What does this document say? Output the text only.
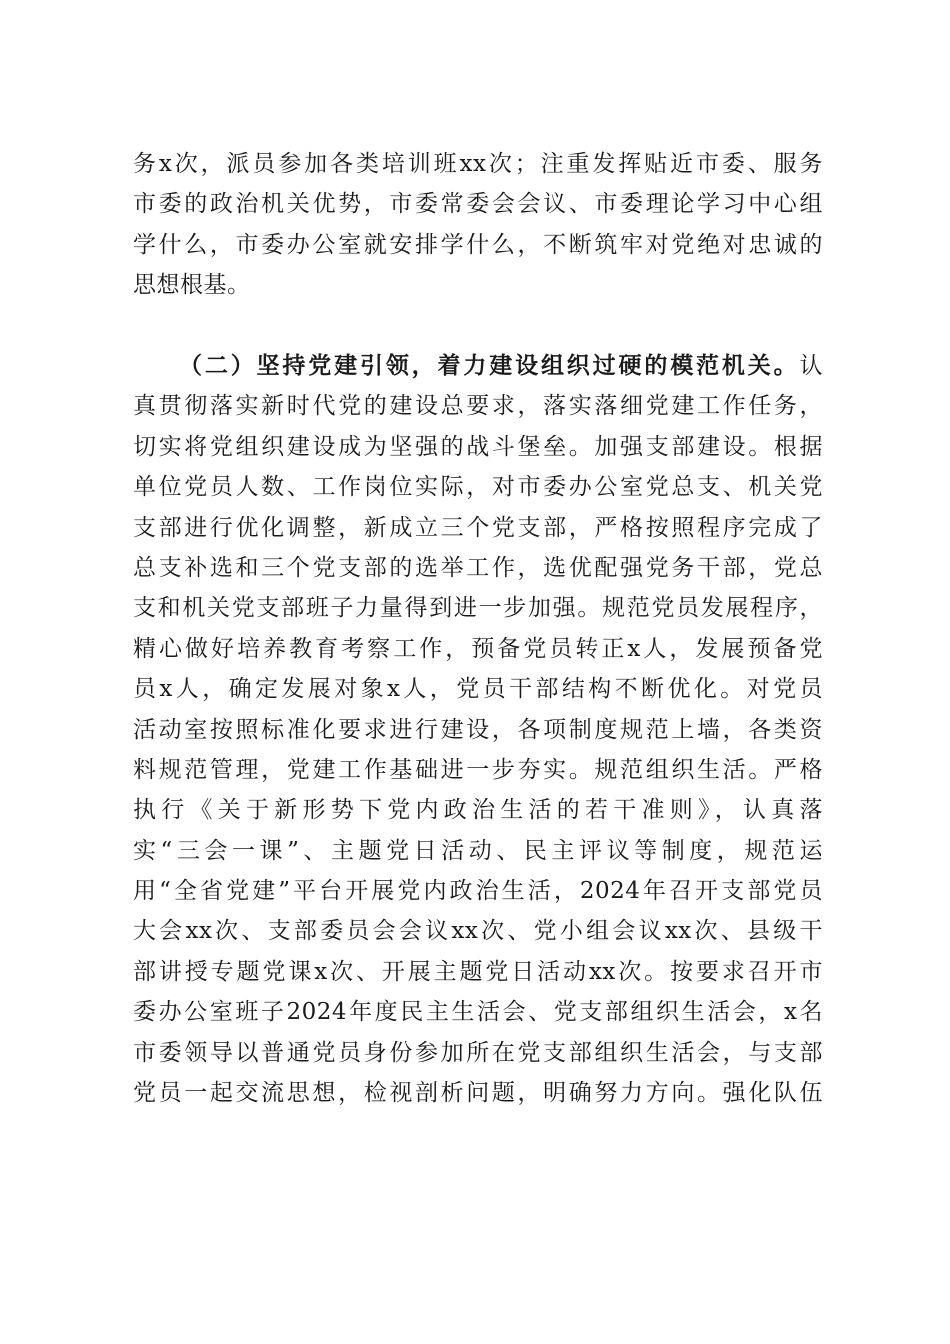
务x次，派员参加各类培训班xx次；注重发挥贴近市委、服务
市委的政治机关优势，市委常委会会议、市委理论学习中心组
学什么，市委办公室就安排学什么，不断筑牢对党绝对忠诚的
思想根基。
（二）坚持党建引领，着力建设组织过硬的模范机关。认
真贯彻落实新时代党的建设总要求，落实落细党建工作任务，
切实将党组织建设成为坚强的战斗堡垒。加强支部建设。根据
单位党员人数、工作岗位实际，对市委办公室党总支、机关党
支部进行优化调整，新成立三个党支部，严格按照程序完成了
总支补选和三个党支部的选举工作，选优配强党务干部，党总
支和机关党支部班子力量得到进一步加强。规范党员发展程序，
精心做好培养教育考察工作，预备党员转正x人，发展预备党
员x人，确定发展对象x人，党员干部结构不断优化。对党员
活动室按照标准化要求进行建设，各项制度规范上墙，各类资
料规范管理，党建工作基础进一步夯实。规范组织生活。严格
执行《关于新形势下党内政治生活的若干准则》，认真落
实“三会一课”、主题党日活动、民主评议等制度，规范运
用“全省党建”平台开展党内政治生活，2024年召开支部党员
大会xx次、支部委员会会议xx次、党小组会议xx次、县级干
部讲授专题党课x次、开展主题党日活动xx次。按要求召开市
委办公室班子2024年度民主生活会、党支部组织生活会，x名
市委领导以普通党员身份参加所在党支部组织生活会，与支部
党员一起交流思想，检视剖析问题，明确努力方向。强化队伍
